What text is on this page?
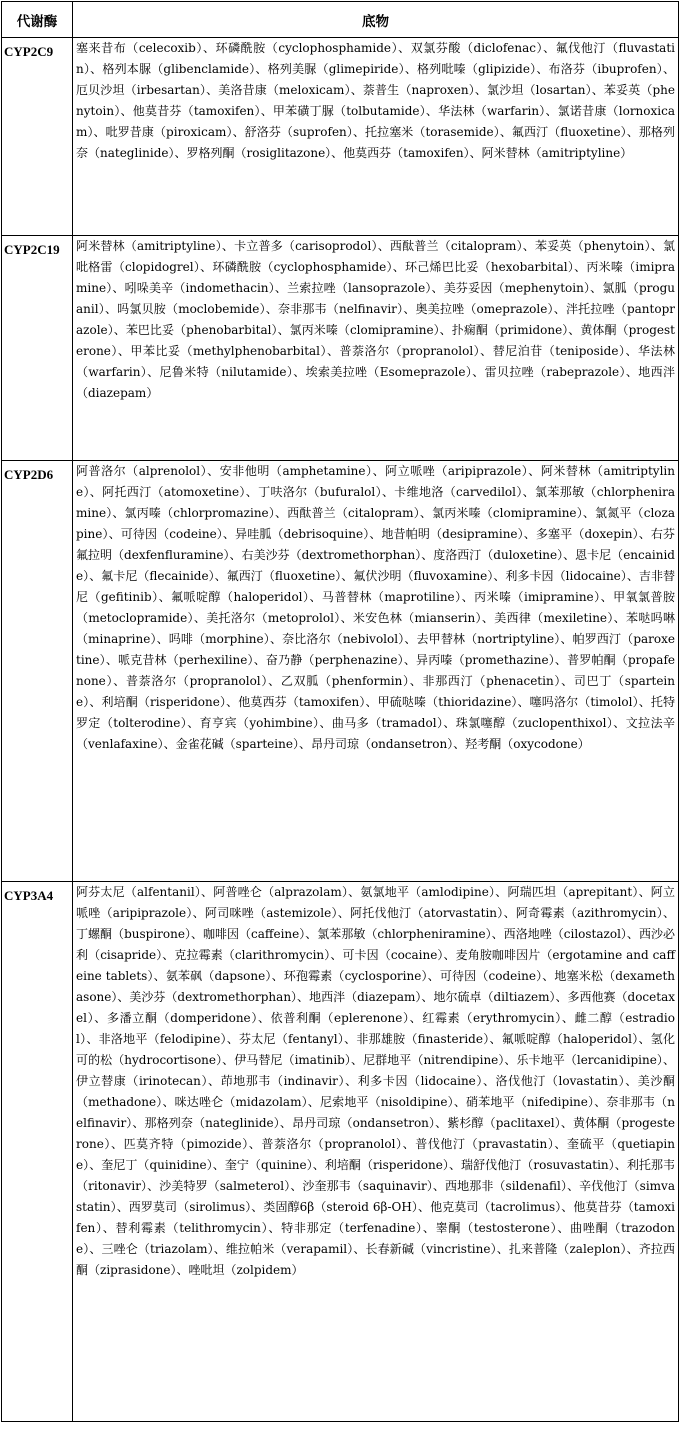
代谢酶	底物
CYP2C9	塞来昔布（celecoxib）、环磷酰胺（cyclophosphamide）、双氯芬酸（diclofenac）、氟伐他汀（fluvastatin）、格列本脲（glibenclamide）、格列美脲（glimepiride）、格列吡嗪（glipizide）、布洛芬（ibuprofen）、厄贝沙坦（irbesartan）、美洛昔康（meloxicam）、萘普生（naproxen）、氯沙坦（losartan）、苯妥英（phenytoin）、他莫昔芬（tamoxifen）、甲苯磺丁脲（tolbutamide）、华法林（warfarin）、氯诺昔康（lornoxicam）、吡罗昔康（piroxicam）、舒洛芬（suprofen）、托拉塞米（torasemide）、氟西汀（fluoxetine）、那格列奈（nateglinide）、罗格列酮（rosiglitazone）、他莫西芬（tamoxifen）、阿米替林（amitriptyline）
CYP2C19	阿米替林（amitriptyline）、卡立普多（carisoprodol）、西酞普兰（citalopram）、苯妥英（phenytoin）、氯吡格雷（clopidogrel）、环磷酰胺（cyclophosphamide）、环己烯巴比妥（hexobarbital）、丙米嗪（imipramine）、吲哚美辛（indomethacin）、兰索拉唑（lansoprazole）、美芬妥因（mephenytoin）、氯胍（proguanil）、吗氯贝胺（moclobemide）、奈非那韦（nelfinavir）、奥美拉唑（omeprazole）、泮托拉唑（pantoprazole）、苯巴比妥（phenobarbital）、氯丙米嗪（clomipramine）、扑痫酮（primidone）、黄体酮（progesterone）、甲苯比妥（methylphenobarbital）、普萘洛尔（propranolol）、替尼泊苷（teniposide）、华法林（warfarin）、尼鲁米特（nilutamide）、埃索美拉唑（Esomeprazole）、雷贝拉唑（rabeprazole）、地西泮（diazepam）
CYP2D6	阿普洛尔（alprenolol）、安非他明（amphetamine）、阿立哌唑（aripiprazole）、阿米替林（amitriptyline）、阿托西汀（atomoxetine）、丁呋洛尔（bufuralol）、卡维地洛（carvedilol）、氯苯那敏（chlorpheniramine）、氯丙嗪（chlorpromazine）、西酞普兰（citalopram）、氯丙米嗪（clomipramine）、氯氮平（clozapine）、可待因（codeine）、异哇胍（debrisoquine）、地昔帕明（desipramine）、多塞平（doxepin）、右芬氟拉明（dexfenfluramine）、右美沙芬（dextromethorphan）、度洛西汀（duloxetine）、恩卡尼（encainide）、氟卡尼（flecainide）、氟西汀（fluoxetine）、氟伏沙明（fluvoxamine）、利多卡因（lidocaine）、吉非替尼（gefitinib）、氟哌啶醇（haloperidol）、马普替林（maprotiline）、丙米嗪（imipramine）、甲氧氯普胺（metoclopramide）、美托洛尔（metoprolol）、米安色林（mianserin）、美西律（mexiletine）、苯哒吗啉（minaprine）、吗啡（morphine）、奈比洛尔（nebivolol）、去甲替林（nortriptyline）、帕罗西汀（paroxetine）、哌克昔林（perhexiline）、奋乃静（perphenazine）、异丙嗪（promethazine）、普罗帕酮（propafenone）、普萘洛尔（propranolol）、乙双胍（phenformin）、非那西汀（phenacetin）、司巴丁（sparteine）、利培酮（risperidone）、他莫西芬（tamoxifen）、甲硫哒嗪（thioridazine）、噻吗洛尔（timolol）、托特罗定（tolterodine）、育亨宾（yohimbine）、曲马多（tramadol）、珠氯噻醇（zuclopenthixol）、文拉法辛（venlafaxine）、金雀花碱（sparteine）、昂丹司琼（ondansetron）、羟考酮（oxycodone）
CYP3A4	阿芬太尼（alfentanil）、阿普唑仑（alprazolam）、氨氯地平（amlodipine）、阿瑞匹坦（aprepitant）、阿立哌唑（aripiprazole）、阿司咪唑（astemizole）、阿托伐他汀（atorvastatin）、阿奇霉素（azithromycin）、丁螺酮（buspirone）、咖啡因（caffeine）、氯苯那敏（chlorpheniramine）、西洛地唑（cilostazol）、西沙必利（cisapride）、克拉霉素（clarithromycin）、可卡因（cocaine）、麦角胺咖啡因片（ergotamine and caffeine tablets）、氨苯砜（dapsone）、环孢霉素（cyclosporine）、可待因（codeine）、地塞米松（dexamethasone）、美沙芬（dextromethorphan）、地西泮（diazepam）、地尔硫卓（diltiazem）、多西他赛（docetaxel）、多潘立酮（domperidone）、依普利酮（eplerenone）、红霉素（erythromycin）、雌二醇（estradiol）、非洛地平（felodipine）、芬太尼（fentanyl）、非那雄胺（finasteride）、氟哌啶醇（haloperidol）、氢化可的松（hydrocortisone）、伊马替尼（imatinib）、尼群地平（nitrendipine）、乐卡地平（lercanidipine）、伊立替康（irinotecan）、茚地那韦（indinavir）、利多卡因（lidocaine）、洛伐他汀（lovastatin）、美沙酮（methadone）、咪达唑仑（midazolam）、尼索地平（nisoldipine）、硝苯地平（nifedipine）、奈非那韦（nelfinavir）、那格列奈（nateglinide）、昂丹司琼（ondansetron）、紫杉醇（paclitaxel）、黄体酮（progesterone）、匹莫齐特（pimozide）、普萘洛尔（propranolol）、普伐他汀（pravastatin）、奎硫平（quetiapine）、奎尼丁（quinidine）、奎宁（quinine）、利培酮（risperidone）、瑞舒伐他汀（rosuvastatin）、利托那韦（ritonavir）、沙美特罗（salmeterol）、沙奎那韦（saquinavir）、西地那非（sildenafil）、辛伐他汀（simvastatin）、西罗莫司（sirolimus）、类固醇6β（steroid 6β-OH）、他克莫司（tacrolimus）、他莫昔芬（tamoxifen）、替利霉素（telithromycin）、特非那定（terfenadine）、睾酮（testosterone）、曲唑酮（trazodone）、三唑仑（triazolam）、维拉帕米（verapamil）、长春新碱（vincristine）、扎来普隆（zaleplon）、齐拉西酮（ziprasidone）、唑吡坦（zolpidem）
